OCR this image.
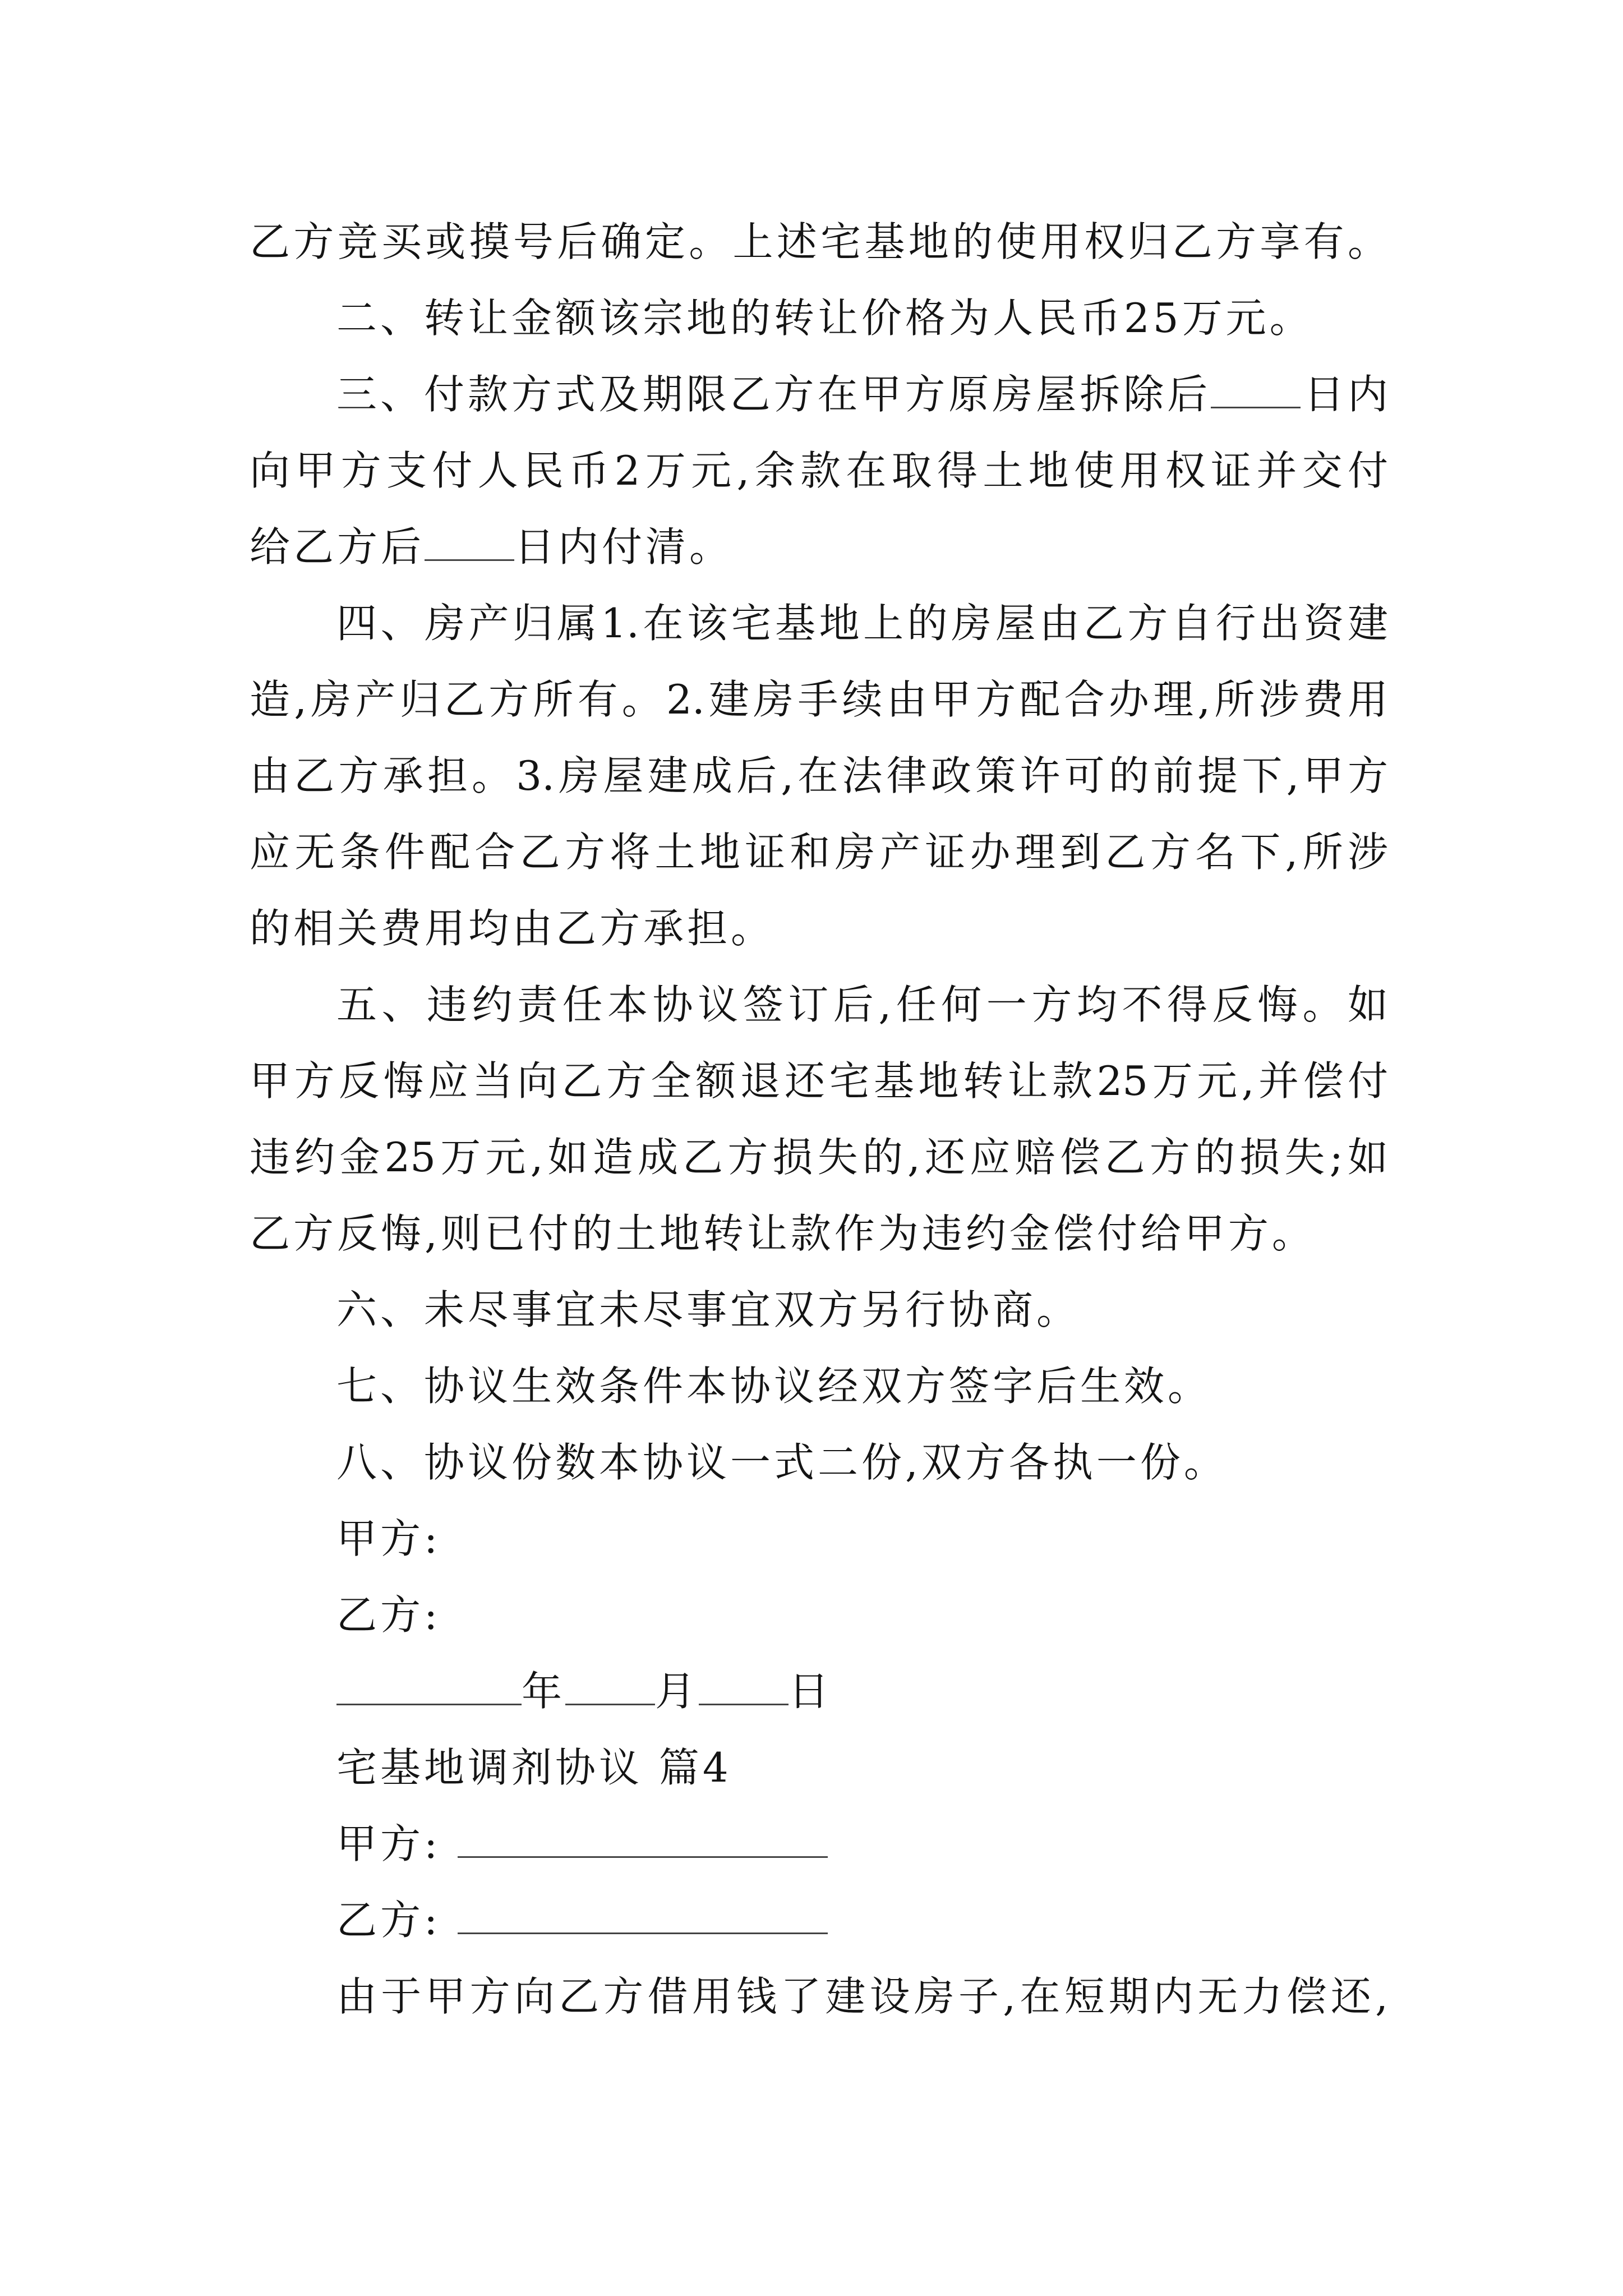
乙方竞买或摸号后确定。上述宅基地的使用权归乙方享有。
二、转让金额该宗地的转让价格为人民币25万元。
三、付款方式及期限乙方在甲方原房屋拆除后 日内
向甲方支付人民币2万元,余款在取得土地使用权证并交付
给乙方后 日内付清。
四、房产归属1.在该宅基地上的房屋由乙方自行出资建
造,房产归乙方所有。2.建房手续由甲方配合办理,所涉费用
由乙方承担。3.房屋建成后,在法律政策许可的前提下,甲方
应无条件配合乙方将土地证和房产证办理到乙方名下,所涉
的相关费用均由乙方承担。
五、违约责任本协议签订后,任何一方均不得反悔。如
甲方反悔应当向乙方全额退还宅基地转让款25万元,并偿付
违约金25万元,如造成乙方损失的,还应赔偿乙方的损失;如
乙方反悔,则已付的土地转让款作为违约金偿付给甲方。
六、未尽事宜未尽事宜双方另行协商。
七、协议生效条件本协议经双方签字后生效。
八、协议份数本协议一式二份,双方各执一份。
甲方:
乙方:
年 月 日
宅基地调剂协议 篇4
甲方:
乙方:
由于甲方向乙方借用钱了建设房子,在短期内无力偿还,
